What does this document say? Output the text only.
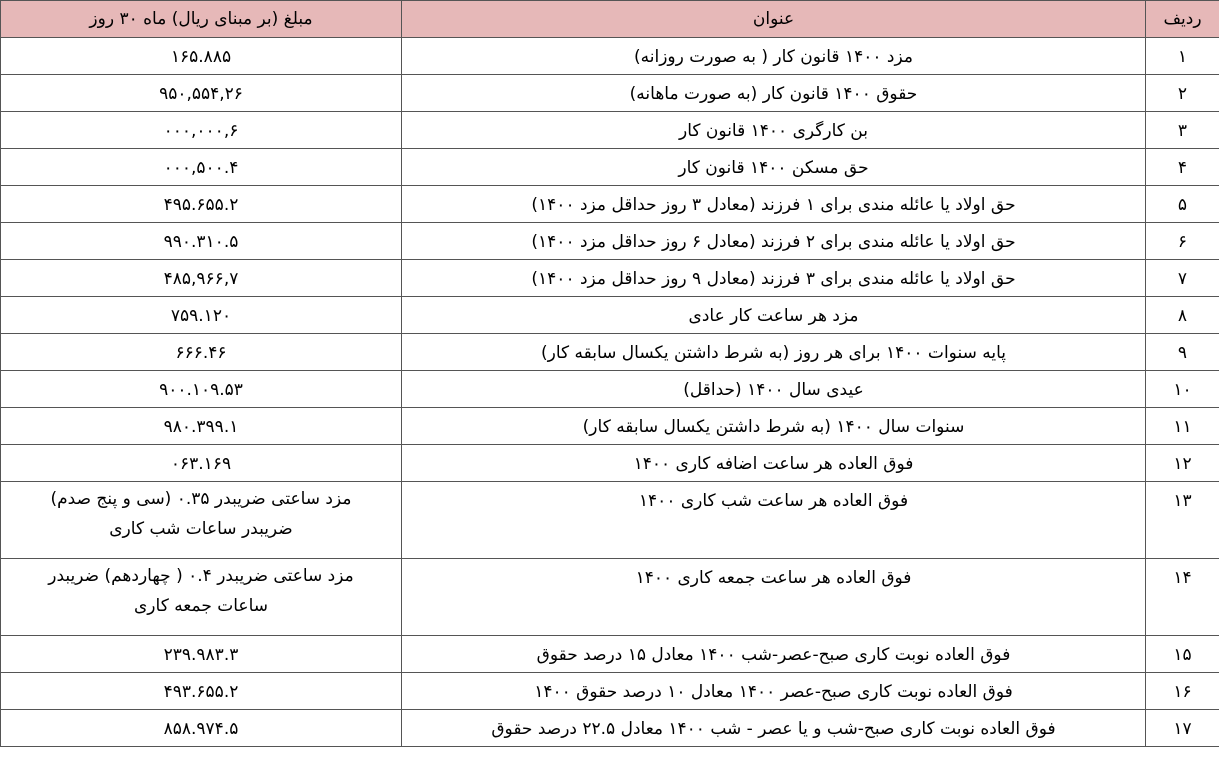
ردیف	عنوان	مبلغ (بر مبنای ریال) ماه ۳۰ روز
۱	مزد ۱۴۰۰ قانون کار ( به صورت روزانه)	۱۶۵.۸۸۵
۲	حقوق ۱۴۰۰ قانون کار (به صورت ماهانه)	۹۵۰,۵۵۴,۲۶
۳	بن کارگری ۱۴۰۰ قانون کار	۰۰۰,۰۰۰,۶
۴	حق مسکن ۱۴۰۰ قانون کار	۰۰۰,۵۰۰.۴
۵	حق اولاد یا عائله مندی برای ۱ فرزند (معادل ۳ روز حداقل مزد ۱۴۰۰)	۴۹۵.۶۵۵.۲
۶	حق اولاد یا عائله مندی برای ۲ فرزند (معادل ۶ روز حداقل مزد ۱۴۰۰)	۹۹۰.۳۱۰.۵
۷	حق اولاد یا عائله مندی برای ۳ فرزند (معادل ۹ روز حداقل مزد ۱۴۰۰)	۴۸۵,۹۶۶,۷
۸	مزد هر ساعت کار عادی	۷۵۹.۱۲۰
۹	پایه سنوات ۱۴۰۰ برای هر روز (به شرط داشتن یکسال سابقه کار)	۶۶۶.۴۶
۱۰	عیدی سال ۱۴۰۰ (حداقل)	۹۰۰.۱۰۹.۵۳
۱۱	سنوات سال ۱۴۰۰ (به شرط داشتن یکسال سابقه کار)	۹۸۰.۳۹۹.۱
۱۲	فوق العاده هر ساعت اضافه کاری ۱۴۰۰	۰۶۳.۱۶۹
۱۳	فوق العاده هر ساعت شب کاری ۱۴۰۰	مزد ساعتی ضریبدر ۰.۳۵ (سی و پنج صدم)
ضریبدر ساعات شب کاری

۱۴	فوق العاده هر ساعت جمعه کاری ۱۴۰۰	مزد ساعتی ضریبدر ۰.۴ ( چهاردهم) ضریبدر
ساعات جمعه کاری

۱۵	فوق العاده نوبت کاری صبح-عصر-شب ۱۴۰۰ معادل ۱۵ درصد حقوق	۲۳۹.۹۸۳.۳
۱۶	فوق العاده نوبت کاری صبح-عصر ۱۴۰۰ معادل ۱۰ درصد حقوق ۱۴۰۰	۴۹۳.۶۵۵.۲
۱۷	فوق العاده نوبت کاری صبح-شب و یا عصر - شب ۱۴۰۰ معادل ۲۲.۵ درصد حقوق	۸۵۸.۹۷۴.۵
